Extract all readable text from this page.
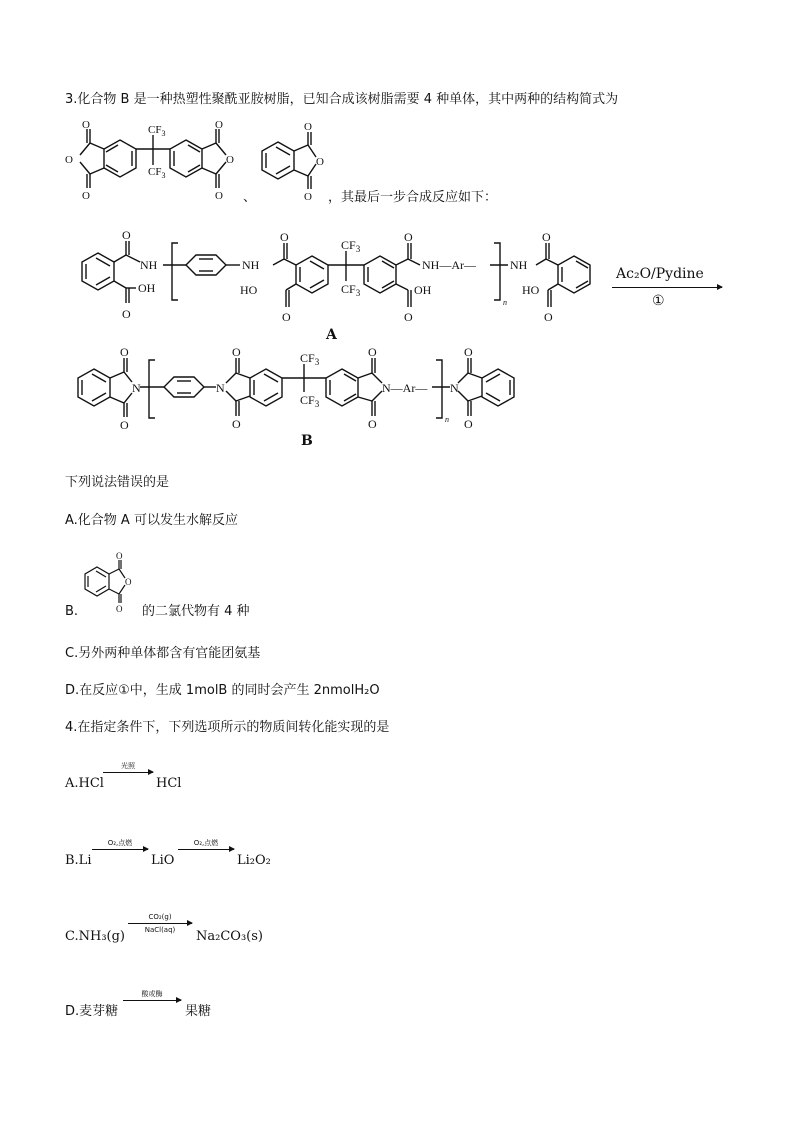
3.化合物 B 是一种热塑性聚酰亚胺树脂，已知合成该树脂需要 4 种单体，其中两种的结构简式为
O
O
O
O
O
O
$CF_3$
$CF_3$
O
O
O
、	，其最后一步合成反应如下：
O
NH
OH
O
NH
O
HO
O
$CF_3$
$CF_3$
O
NH—Ar—
OH
O
n
NH
O
HO
O
Ac₂O/Pydine
①
A
O
N
O
N
O
O
$CF_3$
$CF_3$
O
N—Ar—
O	n
N
O
O
B
下列说法错误的是
A.化合物 A 可以发生水解反应
O
O
O
B.	的二氯代物有 4 种
C.另外两种单体都含有官能团氨基
D.在反应①中，生成 1molB 的同时会产生 2nmolH₂O
4.在指定条件下，下列选项所示的物质间转化能实现的是
A.HCl
光照
HCl
B.Li
O₂,点燃
LiO
O₂,点燃
Li₂O₂
C.NH₃(g)
CO₂(g)
NaCl(aq)	Na₂CO₃(s)
D.麦芽糖
酸或酶
果糖
